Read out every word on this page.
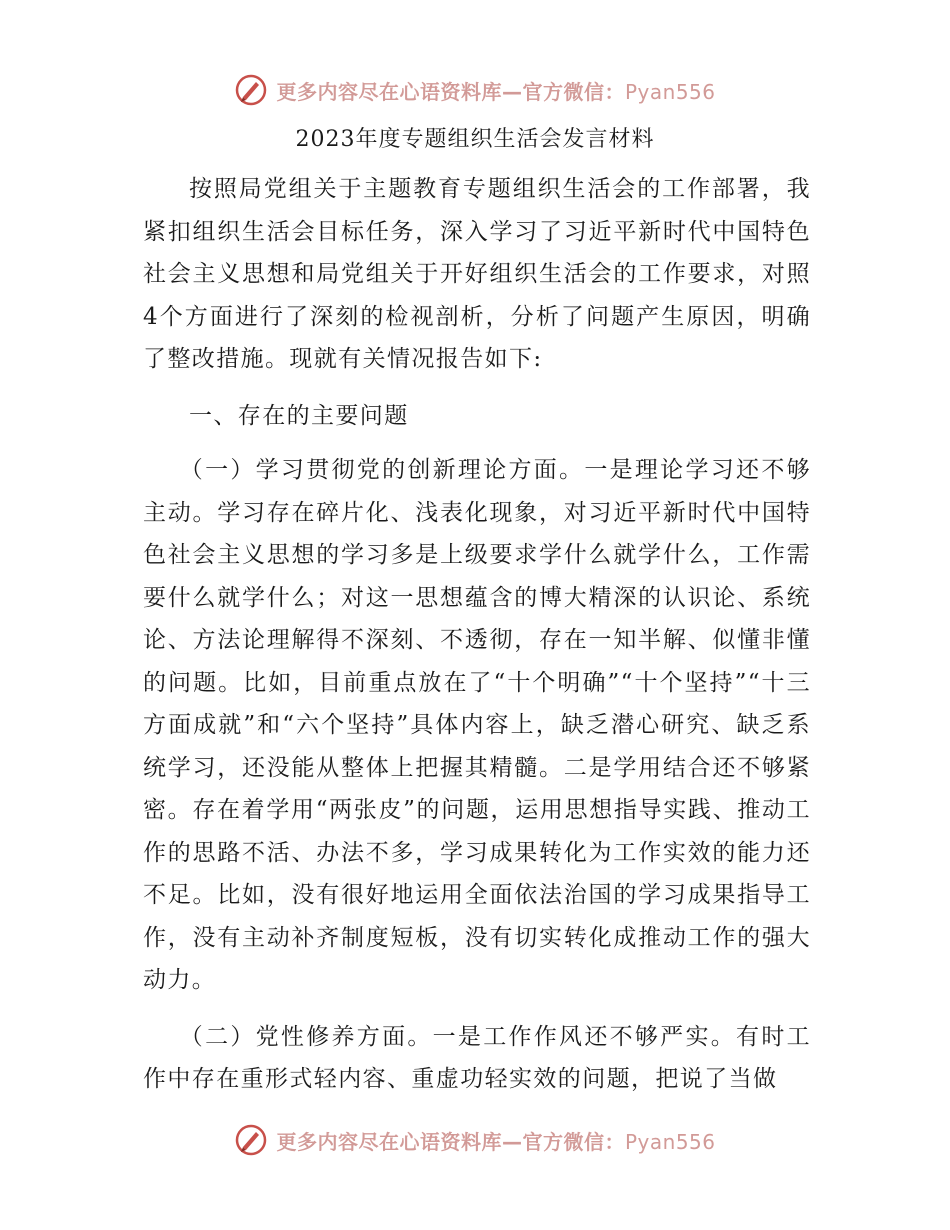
更多内容尽在心语资料库—官方微信：Pyan556
2023年度专题组织生活会发言材料

按照局党组关于主题教育专题组织生活会的工作部署，我紧扣组织生活会目标任务，深入学习了习近平新时代中国特色社会主义思想和局党组关于开好组织生活会的工作要求，对照4个方面进行了深刻的检视剖析，分析了问题产生原因，明确了整改措施。现就有关情况报告如下:

一、存在的主要问题

（一）学习贯彻党的创新理论方面。一是理论学习还不够主动。学习存在碎片化、浅表化现象，对习近平新时代中国特色社会主义思想的学习多是上级要求学什么就学什么，工作需要什么就学什么；对这一思想蕴含的博大精深的认识论、系统论、方法论理解得不深刻、不透彻，存在一知半解、似懂非懂的问题。比如，目前重点放在了“十个明确”“十个坚持”“十三方面成就”和“六个坚持”具体内容上，缺乏潜心研究、缺乏系统学习，还没能从整体上把握其精髓。二是学用结合还不够紧密。存在着学用“两张皮”的问题，运用思想指导实践、推动工作的思路不活、办法不多，学习成果转化为工作实效的能力还不足。比如，没有很好地运用全面依法治国的学习成果指导工作，没有主动补齐制度短板，没有切实转化成推动工作的强大动力。

（二）党性修养方面。一是工作作风还不够严实。有时工作中存在重形式轻内容、重虚功轻实效的问题，把说了当做

更多内容尽在心语资料库—官方微信：Pyan556
